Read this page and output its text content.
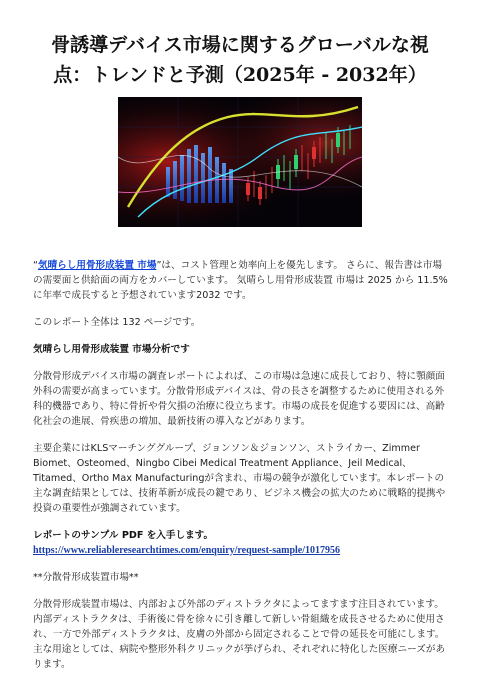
骨誘導デバイス市場に関するグローバルな視
点：トレンドと予測（2025年 - 2032年）

“気晴らし用骨形成装置 市場”は、コスト管理と効率向上を優先します。 さらに、報告書は市場の需要面と供給面の両方をカバーしています。 気晴らし用骨形成装置 市場は 2025 から 11.5% に年率で成長すると予想されています2032 です。

このレポート全体は 132 ページです。

気晴らし用骨形成装置 市場分析です

分散骨形成デバイス市場の調査レポートによれば、この市場は急速に成長しており、特に顎顔面外科の需要が高まっています。分散骨形成デバイスは、骨の長さを調整するために使用される外科的機器であり、特に骨折や骨欠損の治療に役立ちます。市場の成長を促進する要因には、高齢化社会の進展、骨疾患の増加、最新技術の導入などがあります。

主要企業にはKLSマーチンググループ、ジョンソン＆ジョンソン、ストライカー、Zimmer Biomet、Osteomed、Ningbo Cibei Medical Treatment Appliance、Jeil Medical、Titamed、Ortho Max Manufacturingが含まれ、市場の競争が激化しています。本レポートの主な調査結果としては、技術革新が成長の鍵であり、ビジネス機会の拡大のために戦略的提携や投資の重要性が強調されています。

レポートのサンプル PDF を入手します。 https://www.reliableresearchtimes.com/enquiry/request-sample/1017956

**分散骨形成装置市場**

分散骨形成装置市場は、内部および外部のディストラクタによってますます注目されています。内部ディストラクタは、手術後に骨を徐々に引き離して新しい骨組織を成長させるために使用され、一方で外部ディストラクタは、皮膚の外部から固定されることで骨の延長を可能にします。主な用途としては、病院や整形外科クリニックが挙げられ、それぞれに特化した医療ニーズがあります。
